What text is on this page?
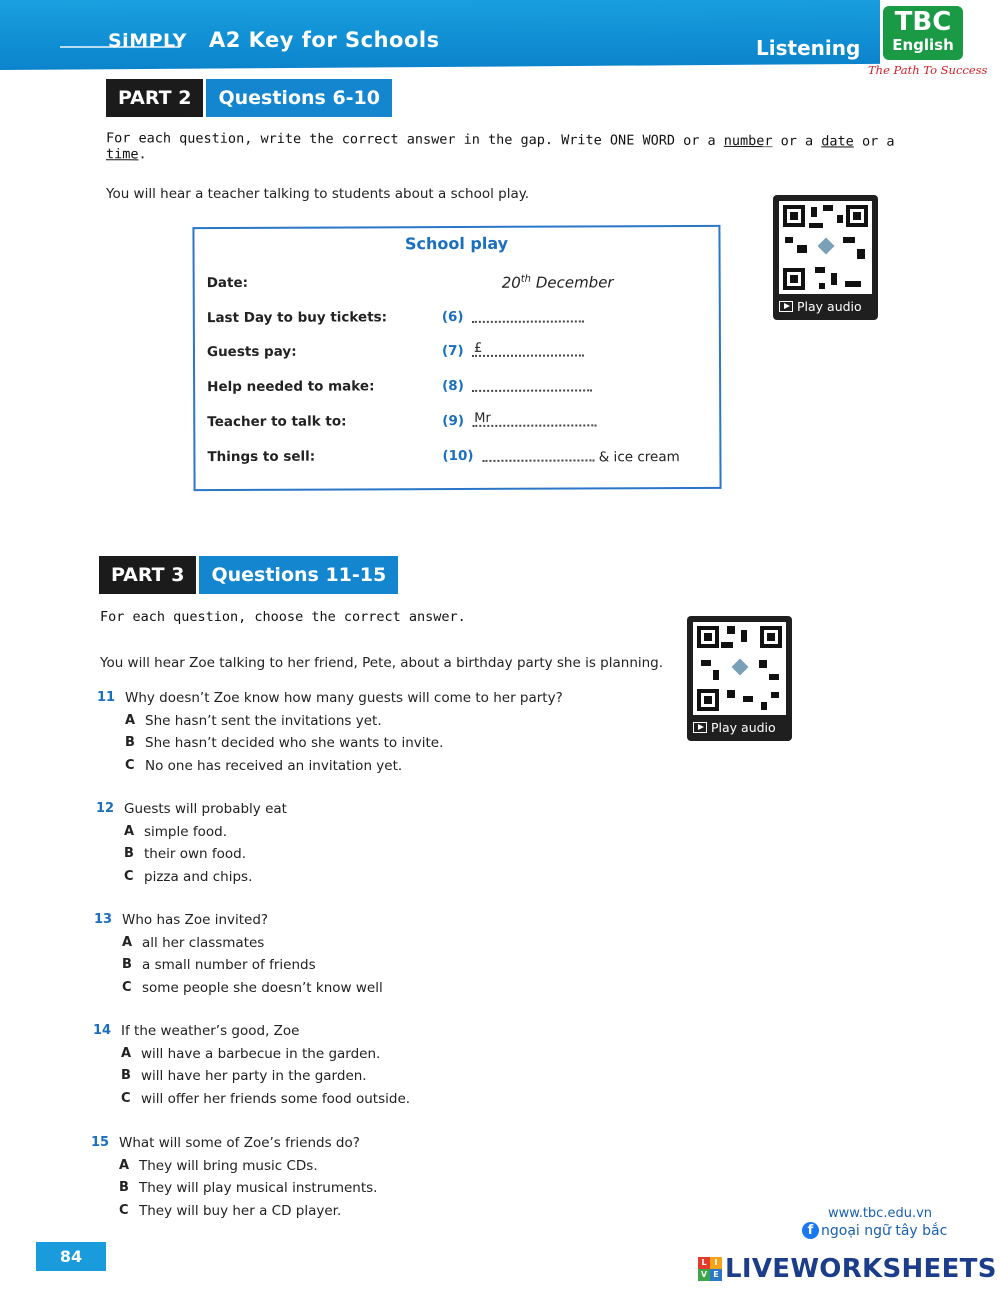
SiMPLY A2 Key for Schools	Listening
TBC
English
The Path To Success
PART 2	Questions 6-10
For each question, write the correct answer in the gap. Write ONE WORD or a number or a date or a time.
You will hear a teacher talking to students about a school play.
School play
Date:	20th December
Last Day to buy tickets:	(6)
Guests pay:	(7) £
Help needed to make:	(8)
Teacher to talk to:	(9) Mr
Things to sell:	(10)	& ice cream
Play audio
PART 3	Questions 11-15
For each question, choose the correct answer.
You will hear Zoe talking to her friend, Pete, about a birthday party she is planning.
Play audio
11 Why doesn’t Zoe know how many guests will come to her party?
A She hasn’t sent the invitations yet.
B She hasn’t decided who she wants to invite.
C No one has received an invitation yet.
12 Guests will probably eat
A simple food.
B their own food.
C pizza and chips.
13 Who has Zoe invited?
A all her classmates
B a small number of friends
C some people she doesn’t know well
14 If the weather’s good, Zoe
A will have a barbecue in the garden.
B will have her party in the garden.
C will offer her friends some food outside.
15 What will some of Zoe’s friends do?
A They will bring music CDs.
B They will play musical instruments.
C They will buy her a CD player.
84
www.tbc.edu.vn
f ngoại ngữ tây bắc
L I
V E LIVEWORKSHEETS
